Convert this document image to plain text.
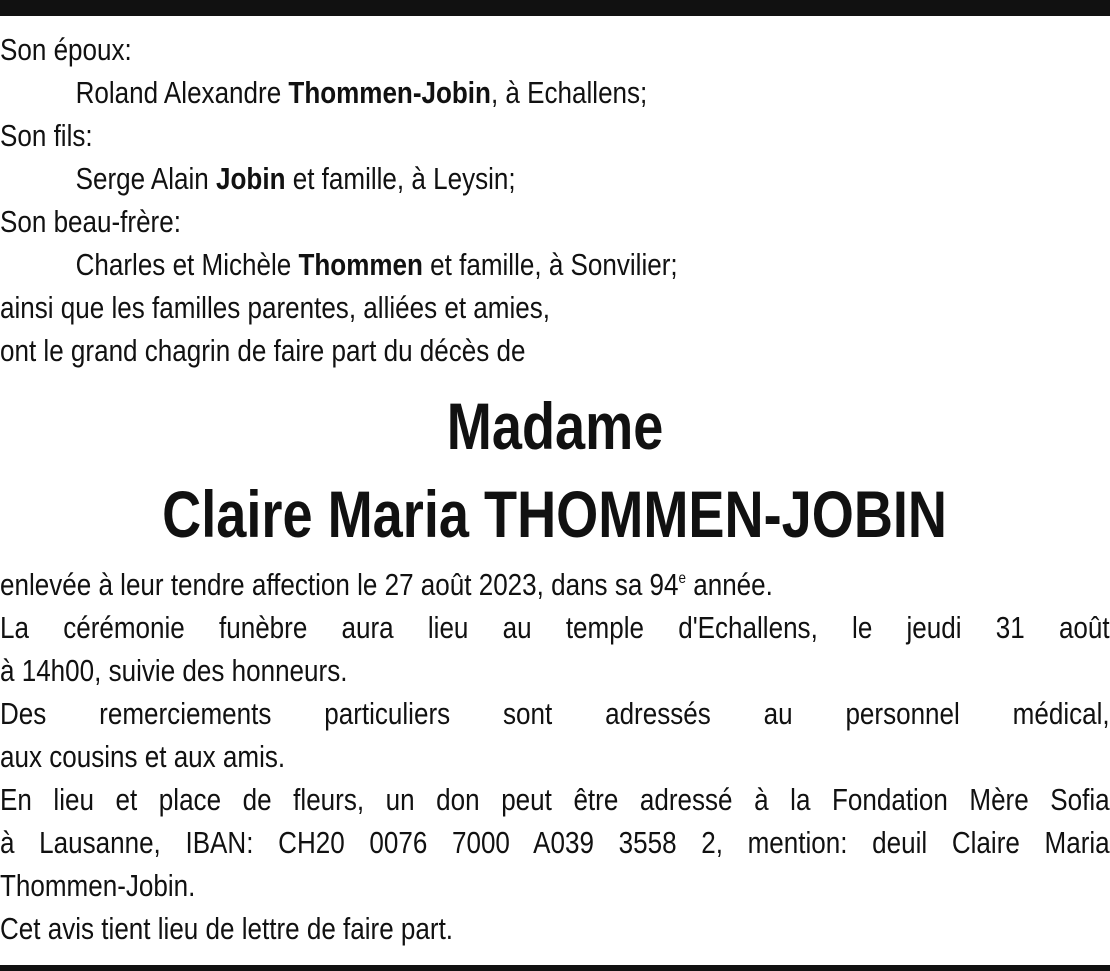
Son époux:
Roland Alexandre Thommen-Jobin, à Echallens;
Son fils:
Serge Alain Jobin et famille, à Leysin;
Son beau-frère:
Charles et Michèle Thommen et famille, à Sonvilier;
ainsi que les familles parentes, alliées et amies,
ont le grand chagrin de faire part du décès de
Madame
Claire Maria THOMMEN-JOBIN
enlevée à leur tendre affection le 27 août 2023, dans sa 94e année.
La cérémonie funèbre aura lieu au temple d'Echallens, le jeudi 31 août
à 14h00, suivie des honneurs.
Des remerciements particuliers sont adressés au personnel médical,
aux cousins et aux amis.
En lieu et place de fleurs, un don peut être adressé à la Fondation Mère Sofia
à Lausanne, IBAN: CH20 0076 7000 A039 3558 2, mention: deuil Claire Maria
Thommen-Jobin.
Cet avis tient lieu de lettre de faire part.
